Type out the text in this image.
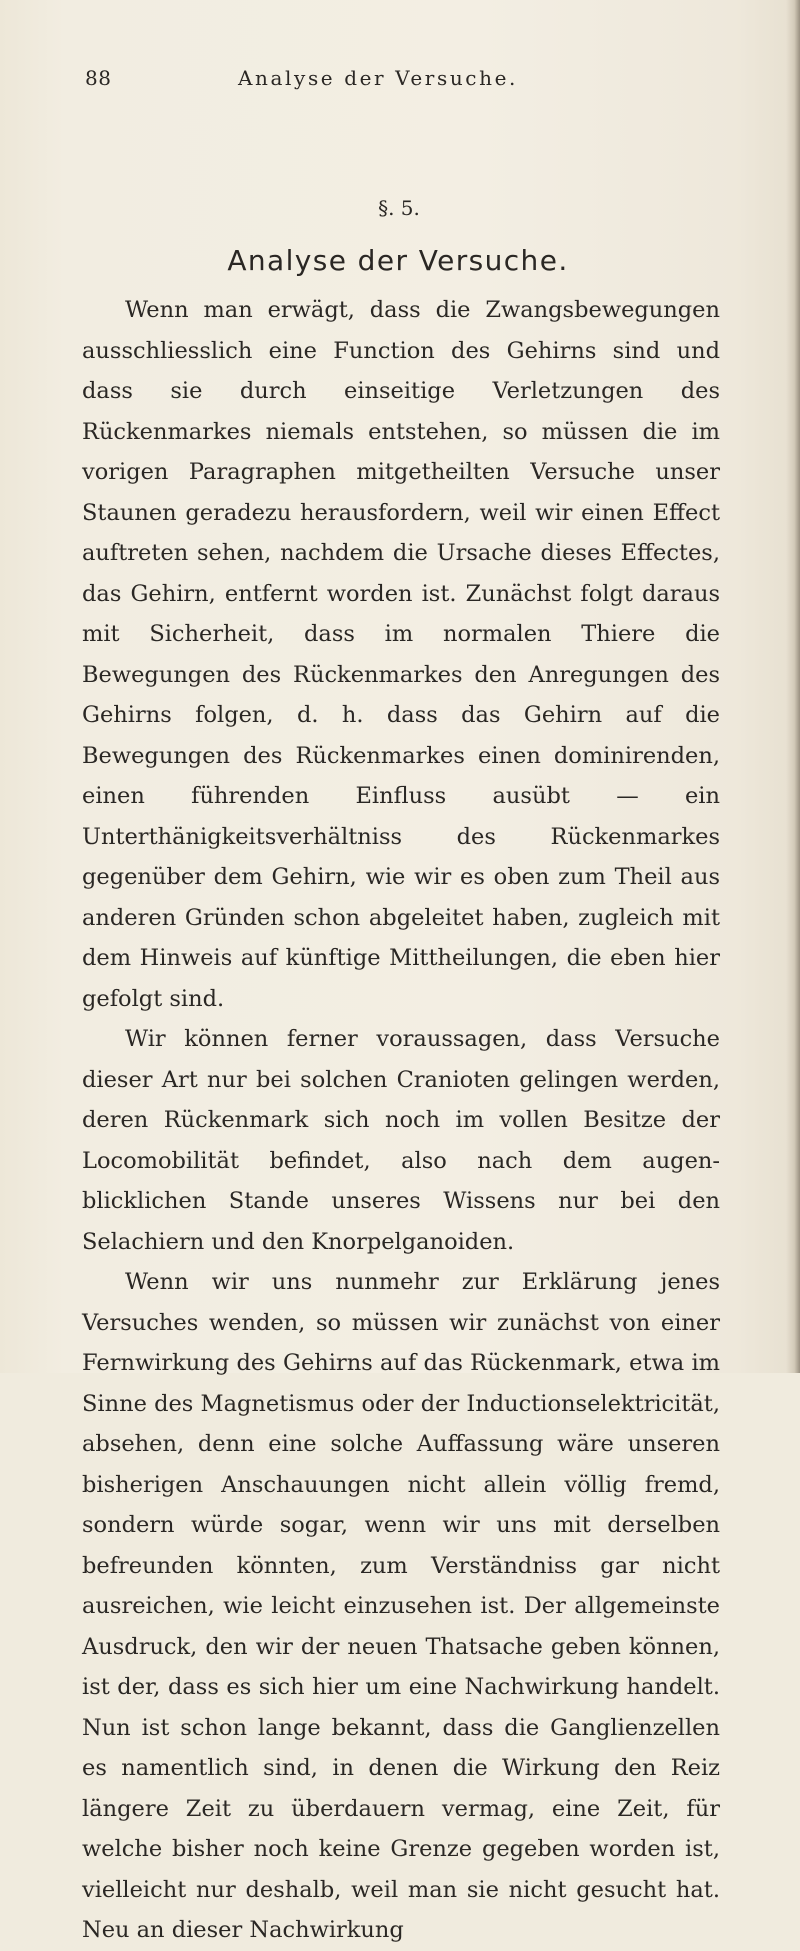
88	Analyse der Versuche.
§. 5.
Analyse der Versuche.

Wenn man erwägt, dass die Zwangsbewegungen ausschliesslich eine Function des Gehirns sind und dass sie durch einseitige Verletzungen des Rückenmarkes niemals entstehen, so müssen die im vorigen Paragraphen mitgetheilten Versuche unser Staunen geradezu herausfordern, weil wir einen Effect auftreten sehen, nachdem die Ursache dieses Effectes, das Gehirn, entfernt worden ist. Zunächst folgt daraus mit Sicherheit, dass im normalen Thiere die Bewegungen des Rückenmarkes den Anregungen des Gehirns folgen, d. h. dass das Gehirn auf die Bewegungen des Rückenmarkes einen dominirenden, einen führenden Einfluss ausübt — ein Unterthänigkeitsverhältniss des Rückenmarkes gegenüber dem Gehirn, wie wir es oben zum Theil aus anderen Gründen schon abgeleitet haben, zugleich mit dem Hinweis auf künftige Mittheilungen, die eben hier gefolgt sind.

Wir können ferner voraussagen, dass Versuche dieser Art nur bei solchen Cranioten gelingen werden, deren Rückenmark sich noch im vollen Besitze der Locomobilität befindet, also nach dem augenblicklichen Stande unseres Wissens nur bei den Selachiern und den Knorpelganoiden.

Wenn wir uns nunmehr zur Erklärung jenes Versuches wenden, so müssen wir zunächst von einer Fernwirkung des Gehirns auf das Rückenmark, etwa im Sinne des Magnetismus oder der Inductionselektricität, absehen, denn eine solche Auffassung wäre unseren bisherigen Anschauungen nicht allein völlig fremd, sondern würde sogar, wenn wir uns mit derselben befreunden könnten, zum Verständniss gar nicht ausreichen, wie leicht einzusehen ist. Der allgemeinste Ausdruck, den wir der neuen Thatsache geben können, ist der, dass es sich hier um eine Nachwirkung handelt. Nun ist schon lange bekannt, dass die Ganglienzellen es namentlich sind, in denen die Wirkung den Reiz längere Zeit zu überdauern vermag, eine Zeit, für welche bisher noch keine Grenze gegeben worden ist, vielleicht nur deshalb, weil man sie nicht gesucht hat. Neu an dieser Nachwirkung
